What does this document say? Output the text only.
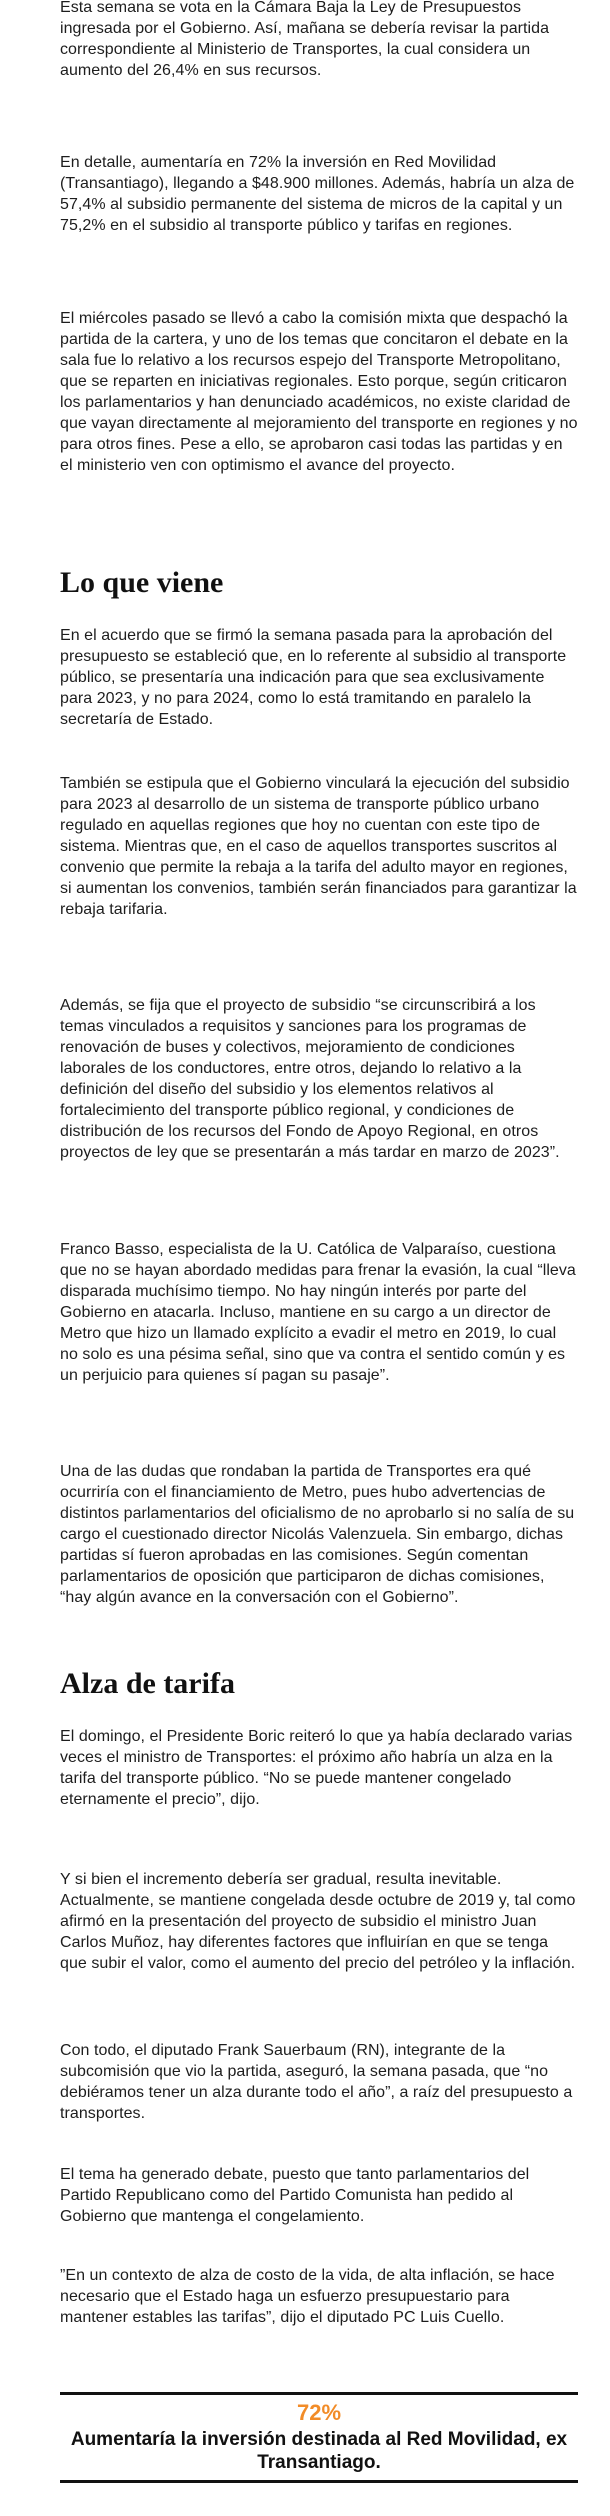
Esta semana se vota en la Cámara Baja la Ley de Presupuestos ingresada por el Gobierno. Así, mañana se debería revisar la partida correspondiente al Ministerio de Transportes, la cual considera un aumento del 26,4% en sus recursos.

En detalle, aumentaría en 72% la inversión en Red Movilidad (Transantiago), llegando a $48.900 millones. Además, habría un alza de 57,4% al subsidio permanente del sistema de micros de la capital y un 75,2% en el subsidio al transporte público y tarifas en regiones.

El miércoles pasado se llevó a cabo la comisión mixta que despachó la partida de la cartera, y uno de los temas que concitaron el debate en la sala fue lo relativo a los recursos espejo del Transporte Metropolitano, que se reparten en iniciativas regionales. Esto porque, según criticaron los parlamentarios y han denunciado académicos, no existe claridad de que vayan directamente al mejoramiento del transporte en regiones y no para otros fines. Pese a ello, se aprobaron casi todas las partidas y en el ministerio ven con optimismo el avance del proyecto.

Lo que viene

En el acuerdo que se firmó la semana pasada para la aprobación del presupuesto se estableció que, en lo referente al subsidio al transporte público, se presentaría una indicación para que sea exclusivamente para 2023, y no para 2024, como lo está tramitando en paralelo la secretaría de Estado.

También se estipula que el Gobierno vinculará la ejecución del subsidio para 2023 al desarrollo de un sistema de transporte público urbano regulado en aquellas regiones que hoy no cuentan con este tipo de sistema. Mientras que, en el caso de aquellos transportes suscritos al convenio que permite la rebaja a la tarifa del adulto mayor en regiones, si aumentan los convenios, también serán financiados para garantizar la rebaja tarifaria.

Además, se fija que el proyecto de subsidio “se circunscribirá a los temas vinculados a requisitos y sanciones para los programas de renovación de buses y colectivos, mejoramiento de condiciones laborales de los conductores, entre otros, dejando lo relativo a la definición del diseño del subsidio y los elementos relativos al fortalecimiento del transporte público regional, y condiciones de distribución de los recursos del Fondo de Apoyo Regional, en otros proyectos de ley que se presentarán a más tardar en marzo de 2023”.

Franco Basso, especialista de la U. Católica de Valparaíso, cuestiona que no se hayan abordado medidas para frenar la evasión, la cual “lleva disparada muchísimo tiempo. No hay ningún interés por parte del Gobierno en atacarla. Incluso, mantiene en su cargo a un director de Metro que hizo un llamado explícito a evadir el metro en 2019, lo cual no solo es una pésima señal, sino que va contra el sentido común y es un perjuicio para quienes sí pagan su pasaje”.

Una de las dudas que rondaban la partida de Transportes era qué ocurriría con el financiamiento de Metro, pues hubo advertencias de distintos parlamentarios del oficialismo de no aprobarlo si no salía de su cargo el cuestionado director Nicolás Valenzuela. Sin embargo, dichas partidas sí fueron aprobadas en las comisiones. Según comentan parlamentarios de oposición que participaron de dichas comisiones, “hay algún avance en la conversación con el Gobierno”.

Alza de tarifa

El domingo, el Presidente Boric reiteró lo que ya había declarado varias veces el ministro de Transportes: el próximo año habría un alza en la tarifa del transporte público. “No se puede mantener congelado eternamente el precio”, dijo.

Y si bien el incremento debería ser gradual, resulta inevitable. Actualmente, se mantiene congelada desde octubre de 2019 y, tal como afirmó en la presentación del proyecto de subsidio el ministro Juan Carlos Muñoz, hay diferentes factores que influirían en que se tenga que subir el valor, como el aumento del precio del petróleo y la inflación.

Con todo, el diputado Frank Sauerbaum (RN), integrante de la subcomisión que vio la partida, aseguró, la semana pasada, que “no debiéramos tener un alza durante todo el año”, a raíz del presupuesto a transportes.

El tema ha generado debate, puesto que tanto parlamentarios del Partido Republicano como del Partido Comunista han pedido al Gobierno que mantenga el congelamiento.

”En un contexto de alza de costo de la vida, de alta inflación, se hace necesario que el Estado haga un esfuerzo presupuestario para mantener estables las tarifas”, dijo el diputado PC Luis Cuello.

72%
Aumentaría la inversión destinada al Red Movilidad, ex Transantiago.
